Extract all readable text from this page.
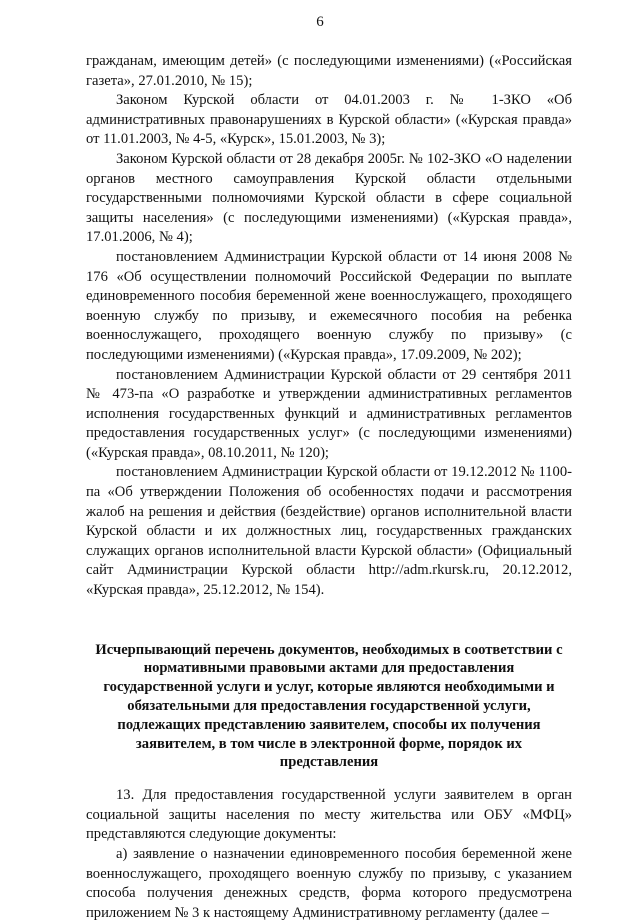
6

гражданам, имеющим детей» (с последующими изменениями) («Российская газета», 27.01.2010, № 15);

Законом Курской области от 04.01.2003 г. № 1-ЗКО «Об административных правонарушениях в Курской области» («Курская правда» от 11.01.2003, № 4-5, «Курск», 15.01.2003, № 3);

Законом Курской области от 28 декабря 2005г. № 102-ЗКО «О наделении органов местного самоуправления Курской области отдельными государственными полномочиями Курской области в сфере социальной защиты населения» (с последующими изменениями) («Курская правда», 17.01.2006, № 4);

постановлением Администрации Курской области от 14 июня 2008 № 176 «Об осуществлении полномочий Российской Федерации по выплате единовременного пособия беременной жене военнослужащего, проходящего военную службу по призыву, и ежемесячного пособия на ребенка военнослужащего, проходящего военную службу по призыву» (с последующими изменениями) («Курская правда», 17.09.2009, № 202);

постановлением Администрации Курской области от 29 сентября 2011 № 473-па «О разработке и утверждении административных регламентов исполнения государственных функций и административных регламентов предоставления государственных услуг» (с последующими изменениями) («Курская правда», 08.10.2011, № 120);

постановлением Администрации Курской области от 19.12.2012 № 1100-па «Об утверждении Положения об особенностях подачи и рассмотрения жалоб на решения и действия (бездействие) органов исполнительной власти Курской области и их должностных лиц, государственных гражданских служащих органов исполнительной власти Курской области» (Официальный сайт Администрации Курской области http://adm.rkursk.ru, 20.12.2012, «Курская правда», 25.12.2012, № 154).

Исчерпывающий перечень документов, необходимых в соответствии с нормативными правовыми актами для предоставления государственной услуги и услуг, которые являются необходимыми и обязательными для предоставления государственной услуги, подлежащих представлению заявителем, способы их получения заявителем, в том числе в электронной форме, порядок их представления

13. Для предоставления государственной услуги заявителем в орган социальной защиты населения по месту жительства или ОБУ «МФЦ» представляются следующие документы:

а) заявление о назначении единовременного пособия беременной жене военнослужащего, проходящего военную службу по призыву, с указанием способа получения денежных средств, форма которого предусмотрена приложением № 3 к настоящему Административному регламенту (далее –
